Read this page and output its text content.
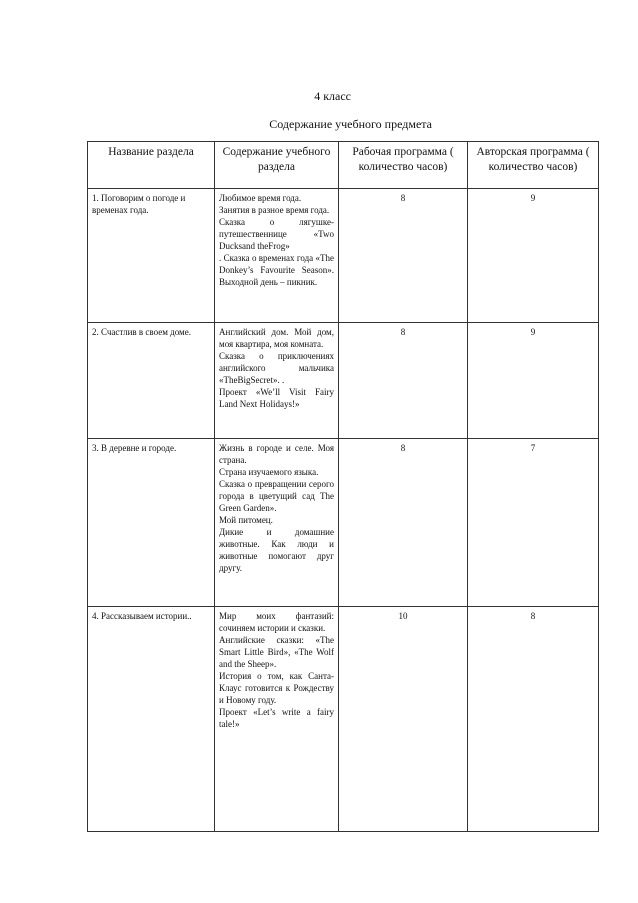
4 класс
Содержание учебного предмета
Название раздела	Содержание учебного раздела	Рабочая программа ( количество часов)	Авторская программа ( количество часов)
1. Поговорим о погоде и временах года.	Любимое время года.

Занятия в разное время года.

Сказка о лягушке-путешественнице «Two Ducksand theFrog»

. Сказка о временах года «The Donkey’s Favourite Season». Выходной день – пикник.	8	9
2. Счастлив в своем доме.	Английский дом. Мой дом, моя квартира, моя комната.

Сказка о приключениях английского мальчика «TheBigSecret». .

Проект «We’ll Visit Fairy Land Next Holidays!»	8	9
3. В деревне и городе.	Жизнь в городе и селе. Моя страна.

Страна изучаемого языка.

Сказка о превращении серого города в цветущий сад The Green Garden».

Мой питомец.

Дикие и домашние животные. Как люди и животные помогают друг другу.	8	7
4. Рассказываем истории..	Мир моих фантазий: сочиняем истории и сказки.

Английские сказки: «The Smart Little Bird», «The Wolf and the Sheep».

История о том, как Санта-Клаус готовится к Рождеству и Новому году.

Проект «Let’s write a fairy tale!»	10	8
